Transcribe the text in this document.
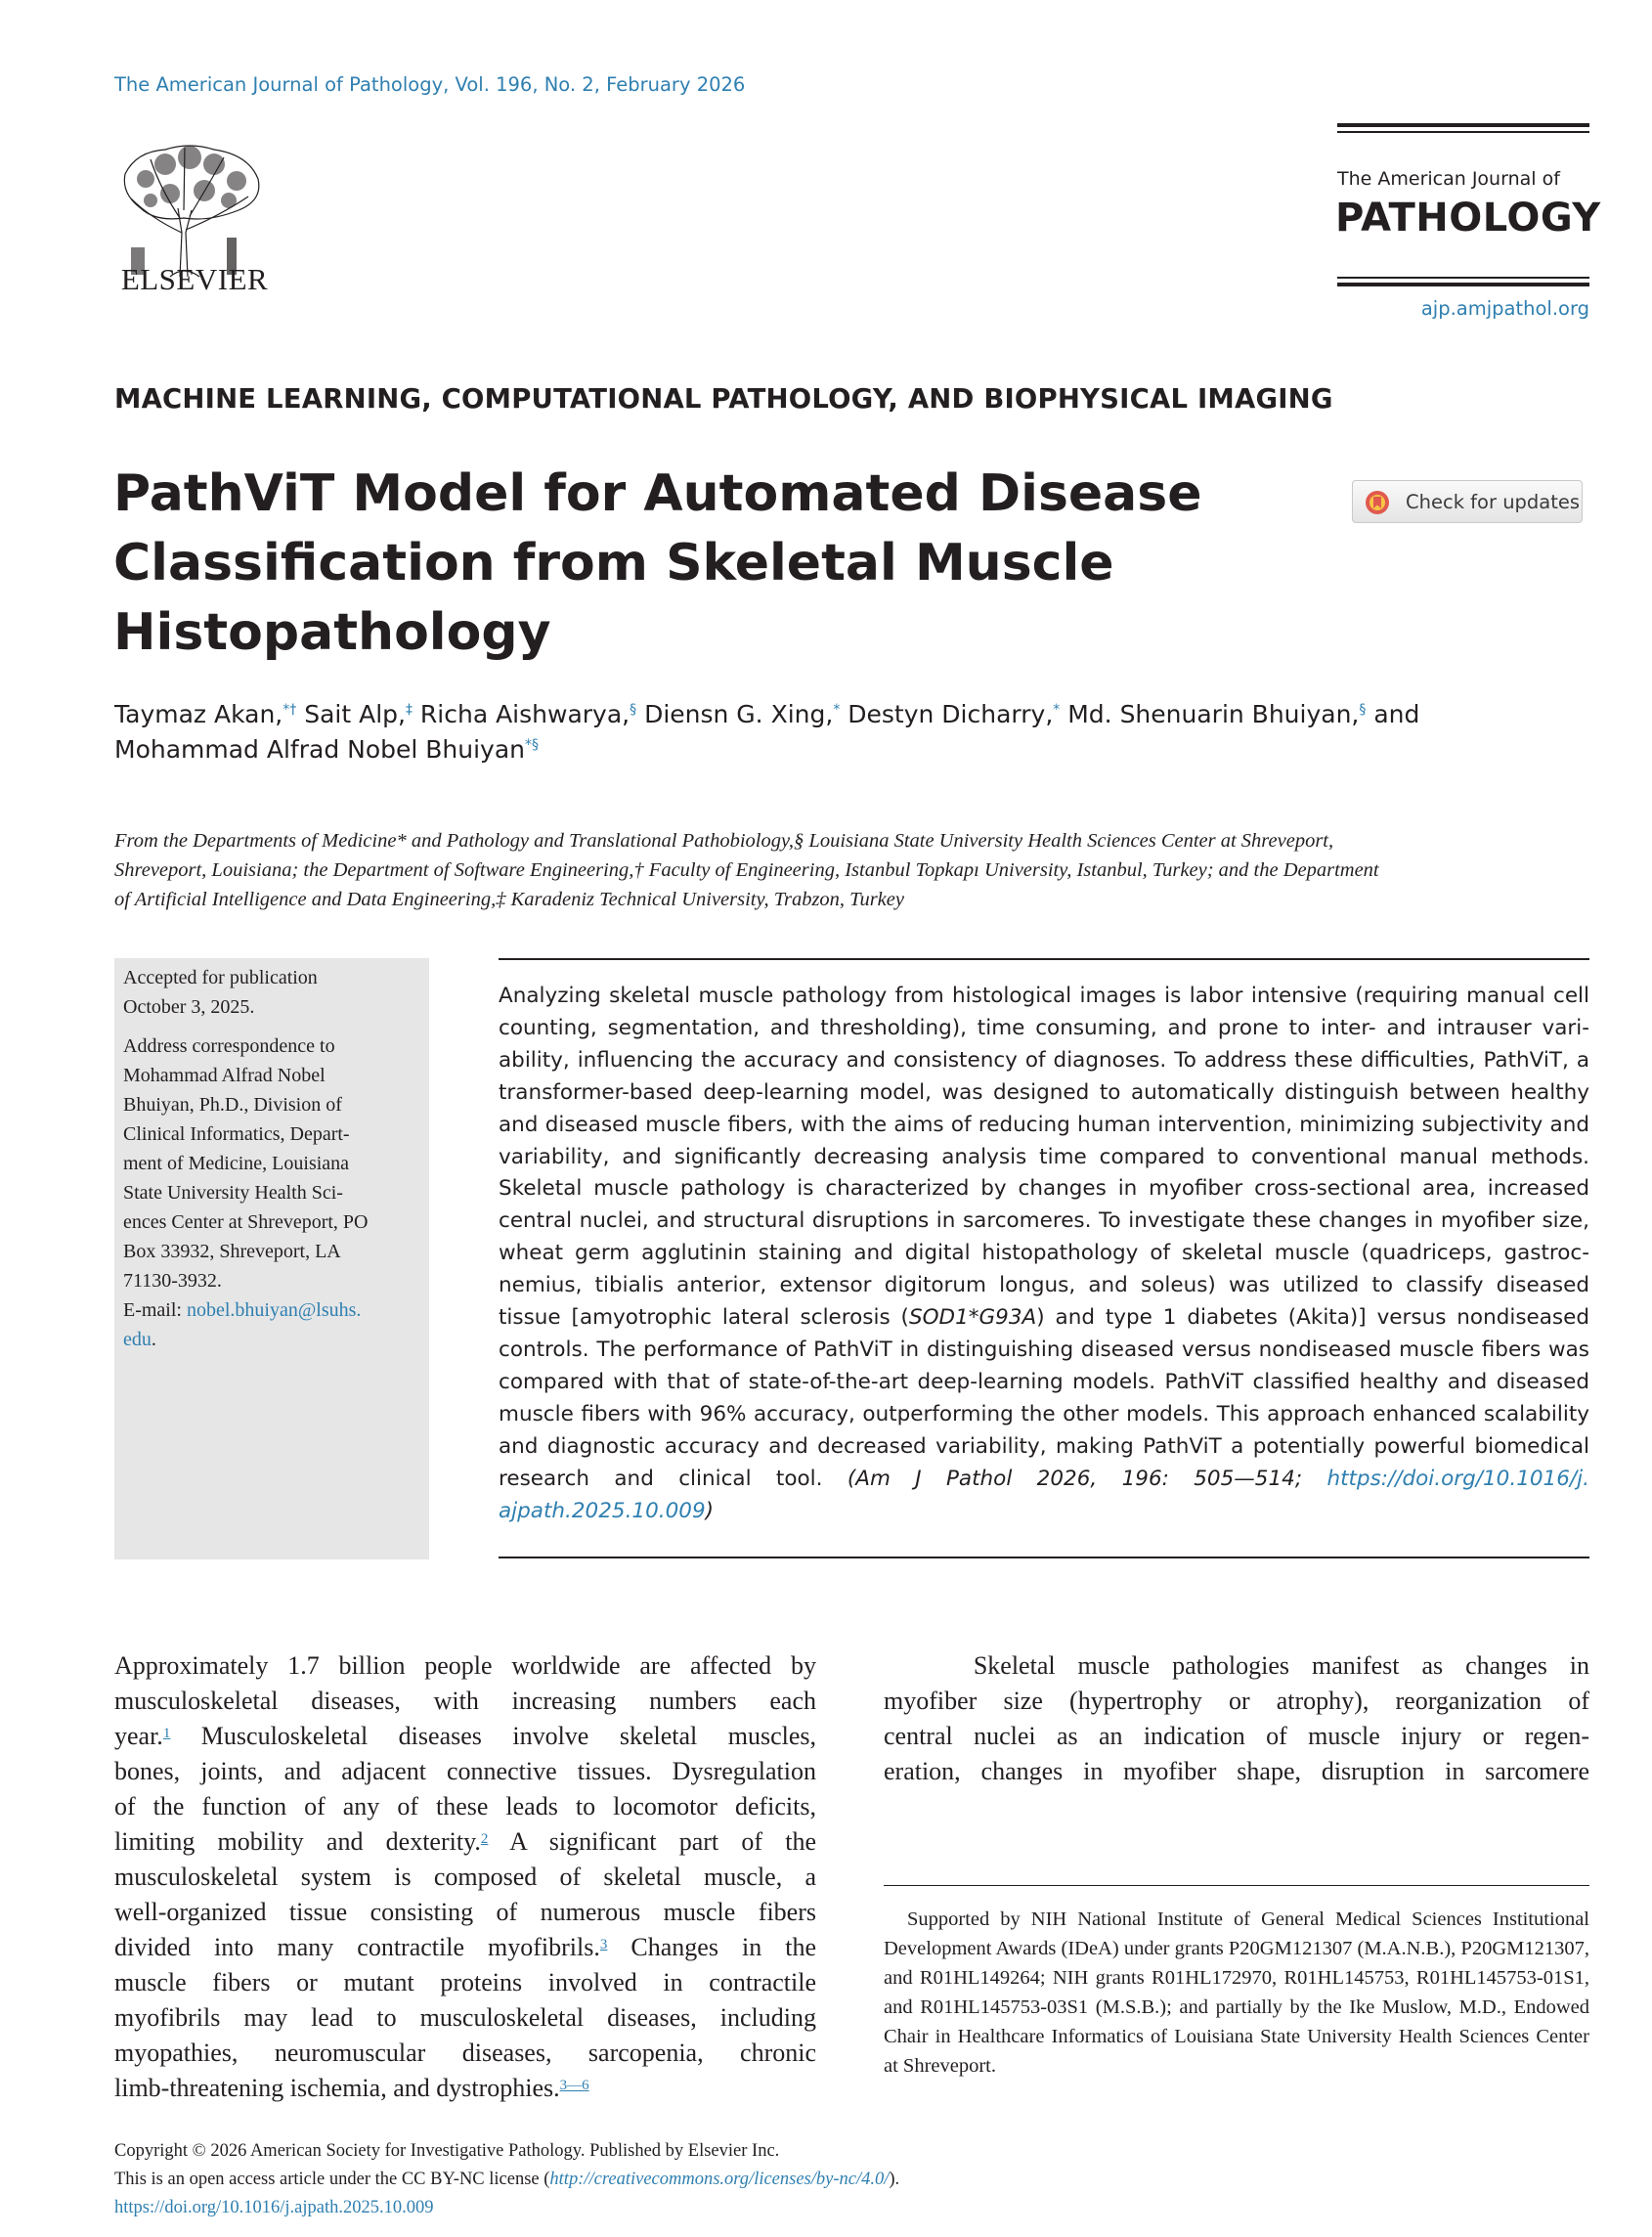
The American Journal of Pathology, Vol. 196, No. 2, February 2026
ELSEVIER
The American Journal of
PATHOLOGY
ajp.amjpathol.org
MACHINE LEARNING, COMPUTATIONAL PATHOLOGY, AND BIOPHYSICAL IMAGING
PathViT Model for Automated Disease
Classification from Skeletal Muscle
Histopathology
Check for updates
Taymaz Akan,*† Sait Alp,‡ Richa Aishwarya,§ Diensn G. Xing,* Destyn Dicharry,* Md. Shenuarin Bhuiyan,§ and
Mohammad Alfrad Nobel Bhuiyan*§
From the Departments of Medicine* and Pathology and Translational Pathobiology,§ Louisiana State University Health Sciences Center at Shreveport,
Shreveport, Louisiana; the Department of Software Engineering,† Faculty of Engineering, Istanbul Topkapı University, Istanbul, Turkey; and the Department
of Artificial Intelligence and Data Engineering,‡ Karadeniz Technical University, Trabzon, Turkey
Accepted for publication
October 3, 2025.
Address correspondence to
Mohammad Alfrad Nobel
Bhuiyan, Ph.D., Division of
Clinical Informatics, Depart-
ment of Medicine, Louisiana
State University Health Sci-
ences Center at Shreveport, PO
Box 33932, Shreveport, LA
71130-3932.
E-mail: nobel.bhuiyan@lsuhs.
edu.
Analyzing skeletal muscle pathology from histological images is labor intensive (requiring manual cell
counting, segmentation, and thresholding), time consuming, and prone to inter- and intrauser vari-
ability, influencing the accuracy and consistency of diagnoses. To address these difficulties, PathViT, a
transformer-based deep-learning model, was designed to automatically distinguish between healthy
and diseased muscle fibers, with the aims of reducing human intervention, minimizing subjectivity and
variability, and significantly decreasing analysis time compared to conventional manual methods.
Skeletal muscle pathology is characterized by changes in myofiber cross-sectional area, increased
central nuclei, and structural disruptions in sarcomeres. To investigate these changes in myofiber size,
wheat germ agglutinin staining and digital histopathology of skeletal muscle (quadriceps, gastroc-
nemius, tibialis anterior, extensor digitorum longus, and soleus) was utilized to classify diseased
tissue [amyotrophic lateral sclerosis (SOD1*G93A) and type 1 diabetes (Akita)] versus nondiseased
controls. The performance of PathViT in distinguishing diseased versus nondiseased muscle fibers was
compared with that of state-of-the-art deep-learning models. PathViT classified healthy and diseased
muscle fibers with 96% accuracy, outperforming the other models. This approach enhanced scalability
and diagnostic accuracy and decreased variability, making PathViT a potentially powerful biomedical
research and clinical tool. (Am J Pathol 2026, 196: 505—514; https://doi.org/10.1016/j.
ajpath.2025.10.009)
Approximately 1.7 billion people worldwide are affected by
musculoskeletal diseases, with increasing numbers each
year.$^1$ Musculoskeletal diseases involve skeletal muscles,
bones, joints, and adjacent connective tissues. Dysregulation
of the function of any of these leads to locomotor deficits,
limiting mobility and dexterity.$^2$ A significant part of the
musculoskeletal system is composed of skeletal muscle, a
well-organized tissue consisting of numerous muscle fibers
divided into many contractile myofibrils.$^3$ Changes in the
muscle fibers or mutant proteins involved in contractile
myofibrils may lead to musculoskeletal diseases, including
myopathies, neuromuscular diseases, sarcopenia, chronic
limb-threatening ischemia, and dystrophies.$^{3—6}$
Skeletal muscle pathologies manifest as changes in
myofiber size (hypertrophy or atrophy), reorganization of
central nuclei as an indication of muscle injury or regen-
eration, changes in myofiber shape, disruption in sarcomere
Supported by NIH National Institute of General Medical Sciences Institutional Development Awards (IDeA) under grants P20GM121307 (M.A.N.B.), P20GM121307, and R01HL149264; NIH grants R01HL172970, R01HL145753, R01HL145753-01S1, and R01HL145753-03S1 (M.S.B.); and partially by the Ike Muslow, M.D., Endowed Chair in Healthcare Informatics of Louisiana State University Health Sciences Center at Shreveport.
Copyright © 2026 American Society for Investigative Pathology. Published by Elsevier Inc.
This is an open access article under the CC BY-NC license (http://creativecommons.org/licenses/by-nc/4.0/).
https://doi.org/10.1016/j.ajpath.2025.10.009
